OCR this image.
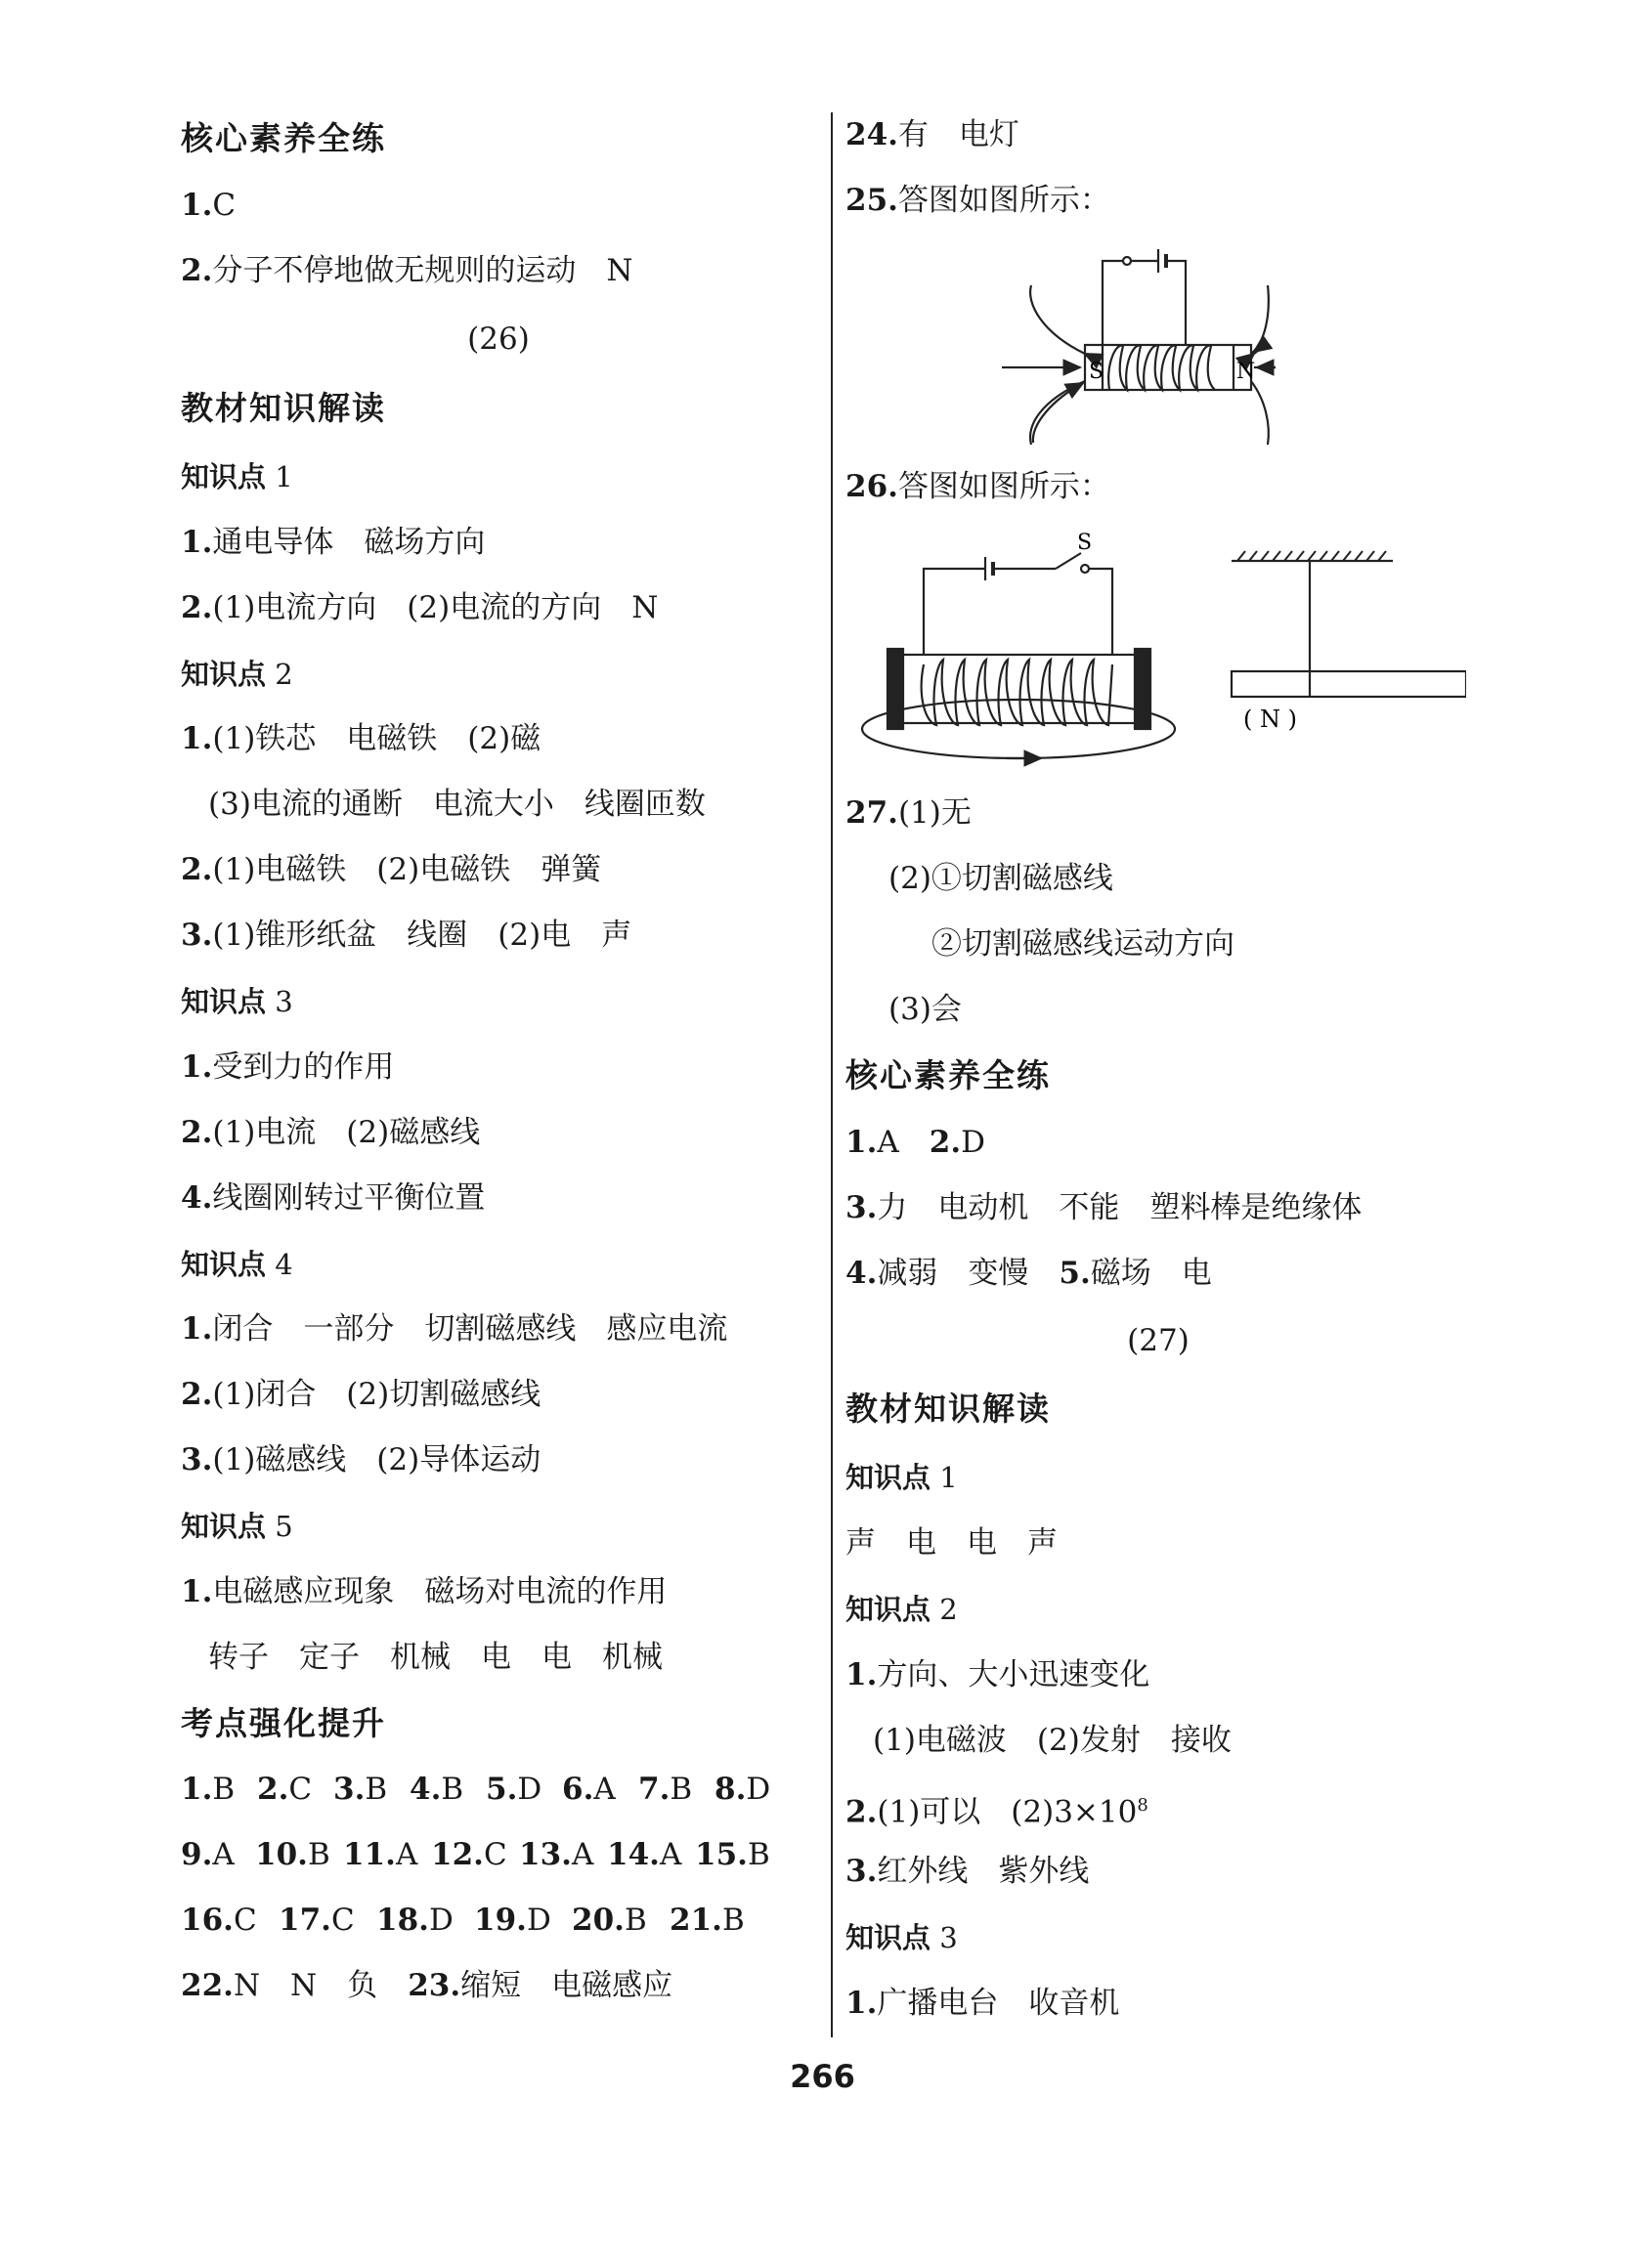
核心素养全练
1.C
2.分子不停地做无规则的运动　N
(26)
教材知识解读
知识点 1
1.通电导体　磁场方向
2.(1)电流方向　(2)电流的方向　N
知识点 2
1.(1)铁芯　电磁铁　(2)磁
(3)电流的通断　电流大小　线圈匝数
2.(1)电磁铁　(2)电磁铁　弹簧
3.(1)锥形纸盆　线圈　(2)电　声
知识点 3
1.受到力的作用
2.(1)电流　(2)磁感线
4.线圈刚转过平衡位置
知识点 4
1.闭合　一部分　切割磁感线　感应电流
2.(1)闭合　(2)切割磁感线
3.(1)磁感线　(2)导体运动
知识点 5
1.电磁感应现象　磁场对电流的作用
转子　定子　机械　电　电　机械
考点强化提升
1.B 2.C 3.B 4.B 5.D 6.A 7.B 8.D
9.A 10.B 11.A 12.C 13.A 14.A 15.B
16.C 17.C 18.D 19.D 20.B 21.B
22.N　N　负　 23.缩短　电磁感应
24.有　电灯
25.答图如图所示：
S	N
26.答图如图所示：
S
( N )
27.(1)无
(2)①切割磁感线
②切割磁感线运动方向
(3)会
核心素养全练
1.A　 2.D
3.力　电动机　不能　塑料棒是绝缘体
4.减弱　变慢　 5.磁场　电
(27)
教材知识解读
知识点 1
声　电　电　声
知识点 2
1.方向、大小迅速变化
(1)电磁波　(2)发射　接收
2.(1)可以　$(2)3\times 10^8$
3.红外线　紫外线
知识点 3
1.广播电台　收音机
266
